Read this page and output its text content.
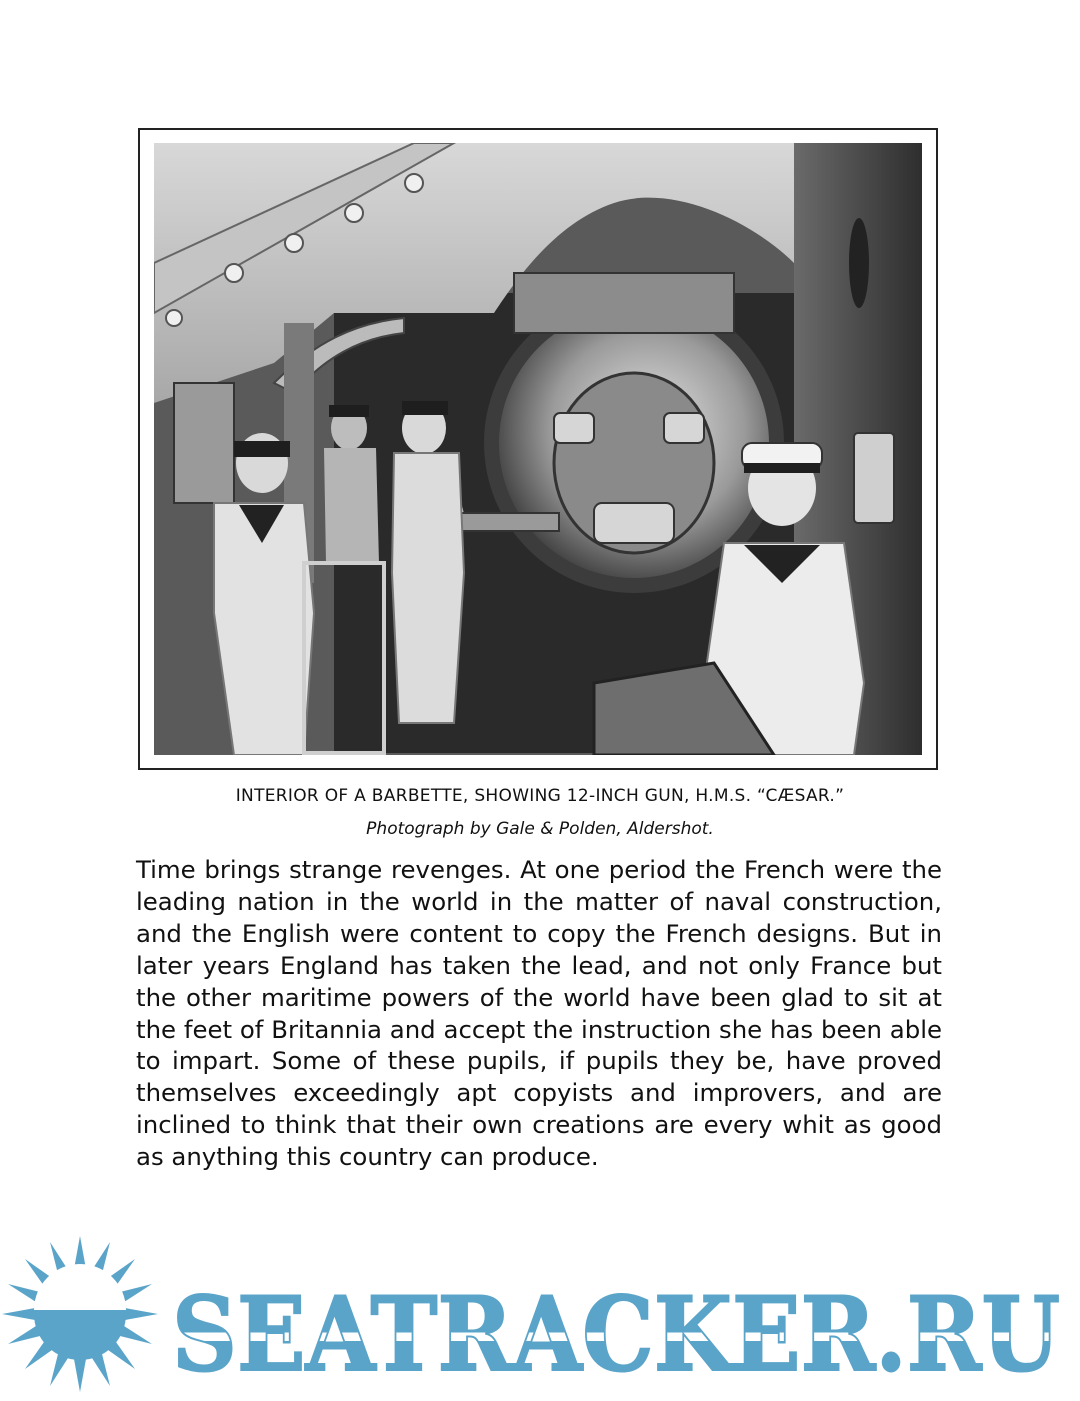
INTERIOR OF A BARBETTE, SHOWING 12-INCH GUN, H.M.S. “CÆSAR.”
Photograph by Gale & Polden, Aldershot.

Time brings strange revenges. At one period the French were the leading nation in the world in the matter of naval construction, and the English were content to copy the French designs. But in later years England has taken the lead, and not only France but the other maritime powers of the world have been glad to sit at the feet of Britannia and accept the instruction she has been able to impart. Some of these pupils, if pupils they be, have proved themselves exceedingly apt copyists and improvers, and are inclined to think that their own creations are every whit as good as anything this country can produce.

SEATRACKER.RU
